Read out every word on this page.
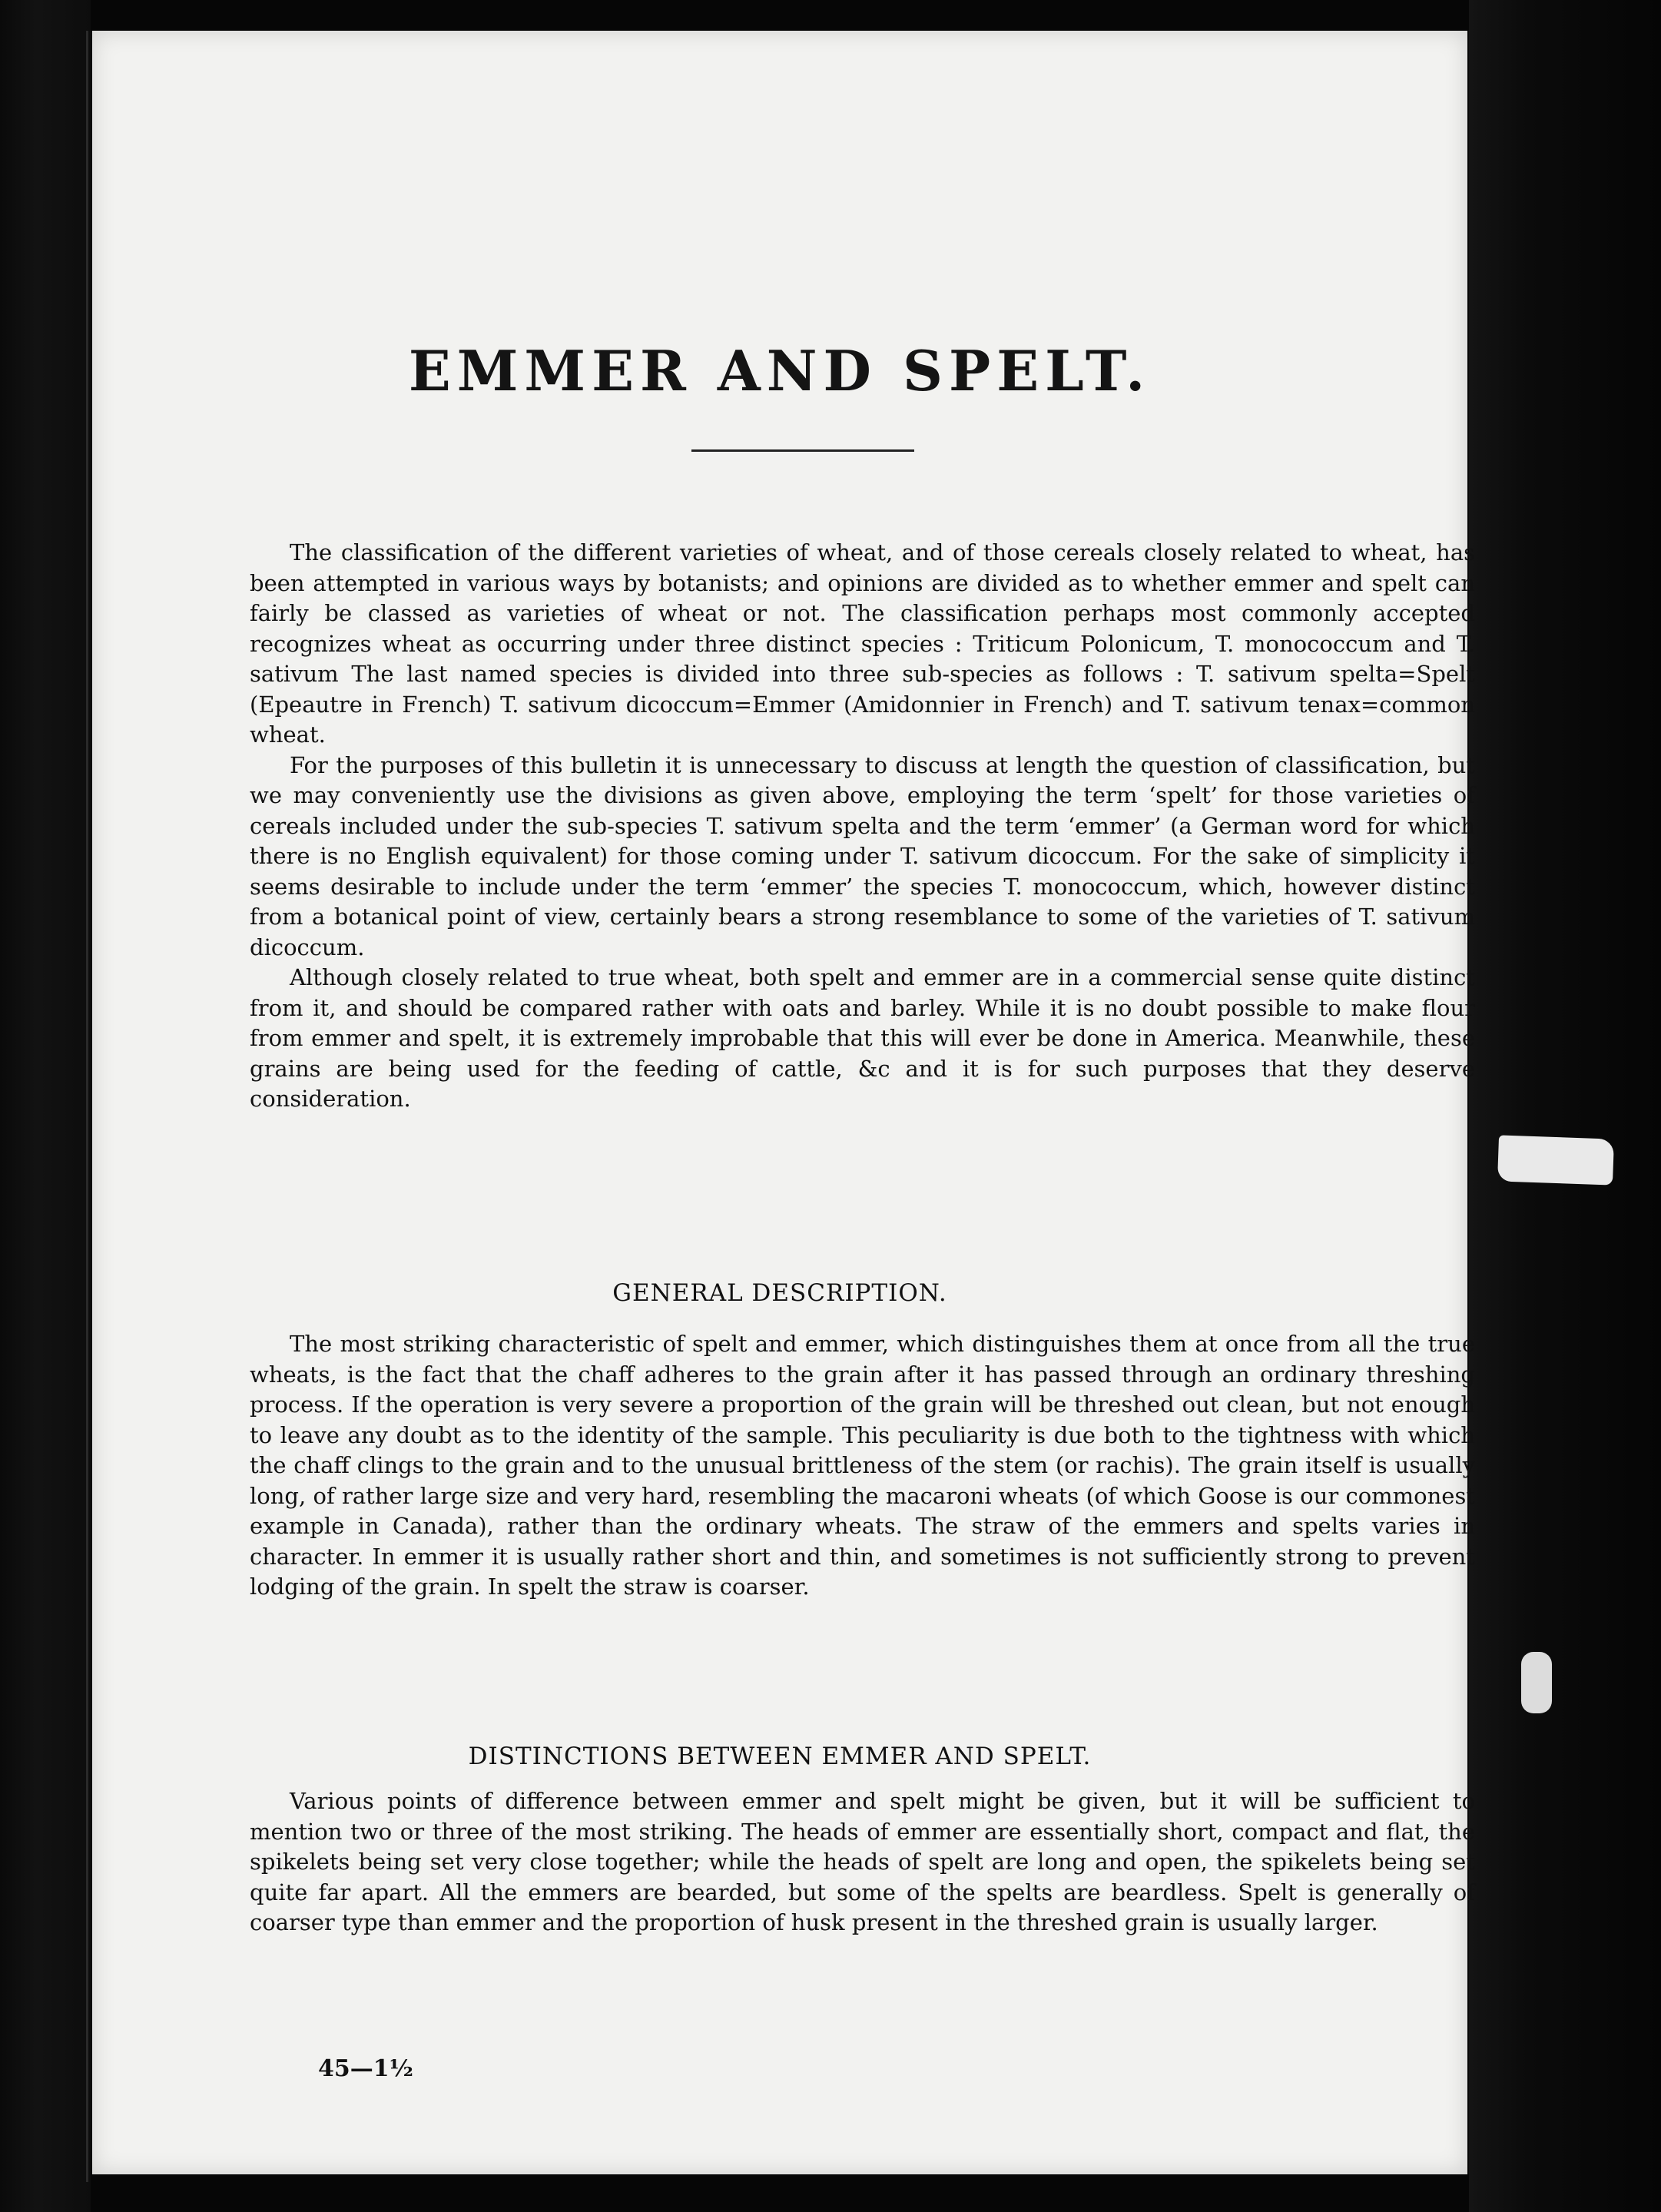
EMMER AND SPELT.

The classification of the different varieties of wheat, and of those cereals closely related to wheat, has been attempted in various ways by botanists; and opinions are divided as to whether emmer and spelt can fairly be classed as varieties of wheat or not. The classification perhaps most commonly accepted recognizes wheat as occurring under three distinct species : Triticum Polonicum, T. monococcum and T. sativum The last named species is divided into three sub-species as follows : T. sativum spelta=Spelt (Epeautre in French) T. sativum dicoccum=Emmer (Amidonnier in French) and T. sativum tenax=common wheat.

For the purposes of this bulletin it is unnecessary to discuss at length the question of classification, but we may conveniently use the divisions as given above, employing the term ‘spelt’ for those varieties of cereals included under the sub-species T. sativum spelta and the term ‘emmer’ (a German word for which there is no English equivalent) for those coming under T. sativum dicoccum. For the sake of simplicity it seems desirable to include under the term ‘emmer’ the species T. monococcum, which, however distinct from a botanical point of view, certainly bears a strong resemblance to some of the varieties of T. sativum dicoccum.

Although closely related to true wheat, both spelt and emmer are in a commercial sense quite distinct from it, and should be compared rather with oats and barley. While it is no doubt possible to make flour from emmer and spelt, it is extremely improbable that this will ever be done in America. Meanwhile, these grains are being used for the feeding of cattle, &c and it is for such purposes that they deserve consideration.

GENERAL DESCRIPTION.

The most striking characteristic of spelt and emmer, which distinguishes them at once from all the true wheats, is the fact that the chaff adheres to the grain after it has passed through an ordinary threshing process. If the operation is very severe a proportion of the grain will be threshed out clean, but not enough to leave any doubt as to the identity of the sample. This peculiarity is due both to the tightness with which the chaff clings to the grain and to the unusual brittleness of the stem (or rachis). The grain itself is usually long, of rather large size and very hard, resembling the macaroni wheats (of which Goose is our commonest example in Canada), rather than the ordinary wheats. The straw of the emmers and spelts varies in character. In emmer it is usually rather short and thin, and sometimes is not sufficiently strong to prevent lodging of the grain. In spelt the straw is coarser.

DISTINCTIONS BETWEEN EMMER AND SPELT.

Various points of difference between emmer and spelt might be given, but it will be sufficient to mention two or three of the most striking. The heads of emmer are essentially short, compact and flat, the spikelets being set very close together; while the heads of spelt are long and open, the spikelets being set quite far apart. All the emmers are bearded, but some of the spelts are beardless. Spelt is generally of coarser type than emmer and the proportion of husk present in the threshed grain is usually larger.

45—1½
